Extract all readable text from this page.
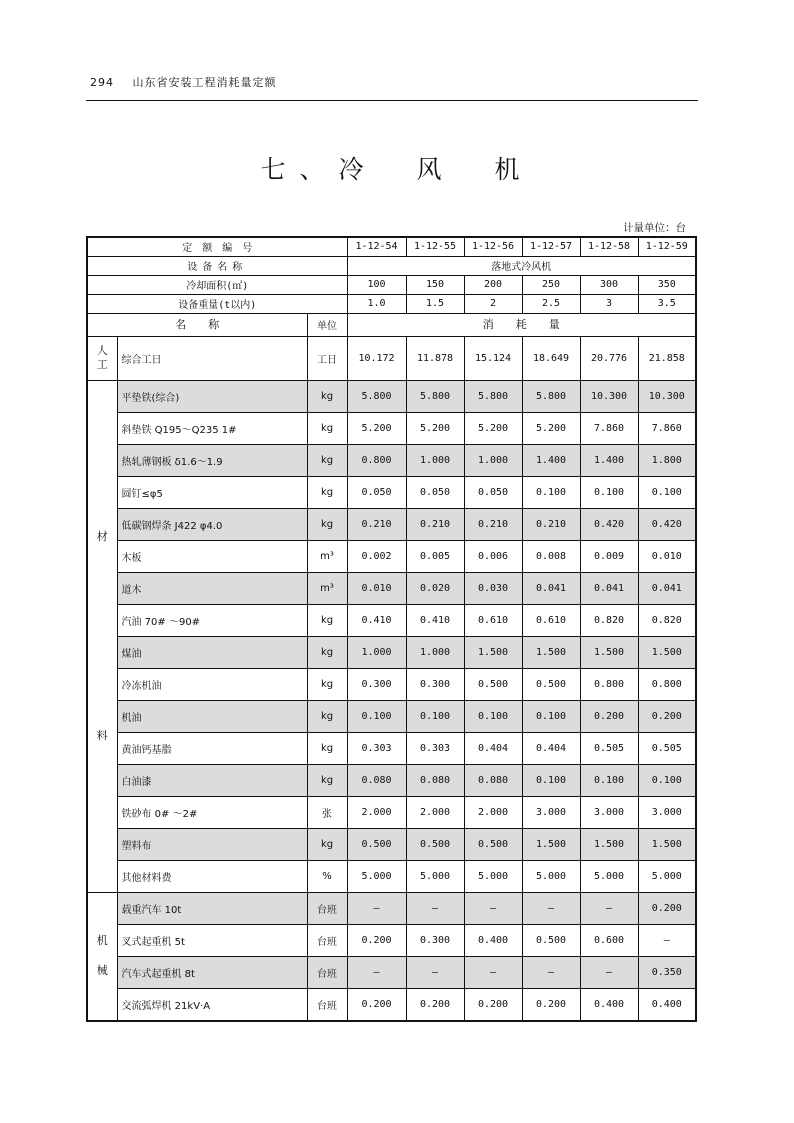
294 山东省安装工程消耗量定额
七、冷　风　机
计量单位：台
定　额　编　号			1-12-54	1-12-55	1-12-56	1-12-57	1-12-58	1-12-59
设备名称			落地式冷风机					
冷却面积(㎡)			100	150	200	250	300	350
设备重量(t以内)			1.0	1.5	2	2.5	3	3.5
名　　称		单位	消　　耗　　量					

人
工	综合工日	工日	10.172	11.878	15.124	18.649	20.776	21.858

材
料	平垫铁(综合)	kg	5.800	5.800	5.800	5.800	10.300	10.300
	斜垫铁 Q195～Q235 1#	kg	5.200	5.200	5.200	5.200	7.860	7.860
	热轧薄钢板 δ1.6～1.9	kg	0.800	1.000	1.000	1.400	1.400	1.800
	圆钉≤φ5	kg	0.050	0.050	0.050	0.100	0.100	0.100
	低碳钢焊条 J422 φ4.0	kg	0.210	0.210	0.210	0.210	0.420	0.420
	木板	m³	0.002	0.005	0.006	0.008	0.009	0.010
	道木	m³	0.010	0.020	0.030	0.041	0.041	0.041
	汽油 70# ～90#	kg	0.410	0.410	0.610	0.610	0.820	0.820
	煤油	kg	1.000	1.000	1.500	1.500	1.500	1.500
	冷冻机油	kg	0.300	0.300	0.500	0.500	0.800	0.800
	机油	kg	0.100	0.100	0.100	0.100	0.200	0.200
	黄油钙基脂	kg	0.303	0.303	0.404	0.404	0.505	0.505
	白油漆	kg	0.080	0.080	0.080	0.100	0.100	0.100
	铁砂布 0# ～2#	张	2.000	2.000	2.000	3.000	3.000	3.000
	塑料布	kg	0.500	0.500	0.500	1.500	1.500	1.500
	其他材料费	%	5.000	5.000	5.000	5.000	5.000	5.000

机
械	载重汽车 10t	台班	—	—	—	—	—	0.200
	叉式起重机 5t	台班	0.200	0.300	0.400	0.500	0.600	—
	汽车式起重机 8t	台班	—	—	—	—	—	0.350
	交流弧焊机 21kV·A	台班	0.200	0.200	0.200	0.200	0.400	0.400
